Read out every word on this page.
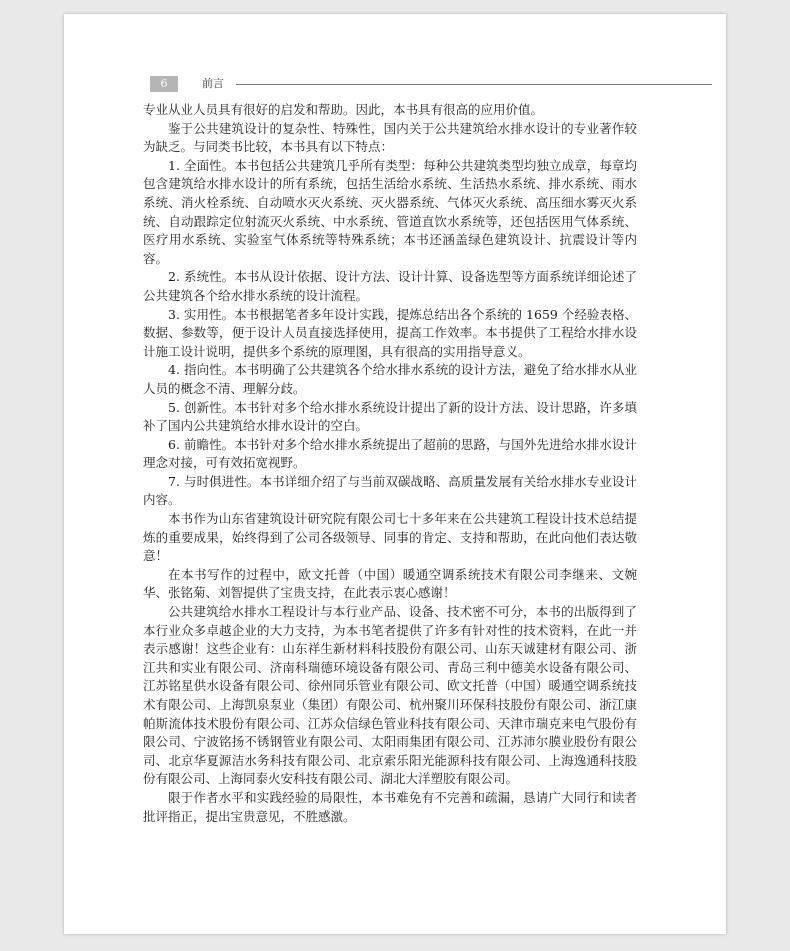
6	前言

专业从业人员具有很好的启发和帮助。因此，本书具有很高的应用价值。

鉴于公共建筑设计的复杂性、特殊性，国内关于公共建筑给水排水设计的专业著作较为缺乏。与同类书比较，本书具有以下特点：

1. 全面性。本书包括公共建筑几乎所有类型：每种公共建筑类型均独立成章，每章均包含建筑给水排水设计的所有系统，包括生活给水系统、生活热水系统、排水系统、雨水系统、消火栓系统、自动喷水灭火系统、灭火器系统、气体灭火系统、高压细水雾灭火系统、自动跟踪定位射流灭火系统、中水系统、管道直饮水系统等，还包括医用气体系统、医疗用水系统、实验室气体系统等特殊系统；本书还涵盖绿色建筑设计、抗震设计等内容。

2. 系统性。本书从设计依据、设计方法、设计计算、设备选型等方面系统详细论述了公共建筑各个给水排水系统的设计流程。

3. 实用性。本书根据笔者多年设计实践，提炼总结出各个系统的 1659 个经验表格、数据、参数等，便于设计人员直接选择使用，提高工作效率。本书提供了工程给水排水设计施工设计说明，提供多个系统的原理图，具有很高的实用指导意义。

4. 指向性。本书明确了公共建筑各个给水排水系统的设计方法，避免了给水排水从业人员的概念不清、理解分歧。

5. 创新性。本书针对多个给水排水系统设计提出了新的设计方法、设计思路，许多填补了国内公共建筑给水排水设计的空白。

6. 前瞻性。本书针对多个给水排水系统提出了超前的思路，与国外先进给水排水设计理念对接，可有效拓宽视野。

7. 与时俱进性。本书详细介绍了与当前双碳战略、高质量发展有关给水排水专业设计内容。

本书作为山东省建筑设计研究院有限公司七十多年来在公共建筑工程设计技术总结提炼的重要成果，始终得到了公司各级领导、同事的肯定、支持和帮助，在此向他们表达敬意！

在本书写作的过程中，欧文托普（中国）暖通空调系统技术有限公司李继来、文婉华、张铭菊、刘智提供了宝贵支持，在此表示衷心感谢！

公共建筑给水排水工程设计与本行业产品、设备、技术密不可分，本书的出版得到了本行业众多卓越企业的大力支持，为本书笔者提供了许多有针对性的技术资料，在此一并表示感谢！这些企业有：山东祥生新材料科技股份有限公司、山东天诚建材有限公司、浙江共和实业有限公司、济南科瑞德环境设备有限公司、青岛三利中德美水设备有限公司、江苏铭星供水设备有限公司、徐州同乐管业有限公司、欧文托普（中国）暖通空调系统技术有限公司、上海凯泉泵业（集团）有限公司、杭州聚川环保科技股份有限公司、浙江康帕斯流体技术股份有限公司、江苏众信绿色管业科技有限公司、天津市瑞克来电气股份有限公司、宁波铭扬不锈钢管业有限公司、太阳雨集团有限公司、江苏沛尔膜业股份有限公司、北京华夏源洁水务科技有限公司、北京索乐阳光能源科技有限公司、上海逸通科技股份有限公司、上海同泰火安科技有限公司、湖北大洋塑胶有限公司。

限于作者水平和实践经验的局限性，本书难免有不完善和疏漏，恳请广大同行和读者批评指正，提出宝贵意见，不胜感激。
